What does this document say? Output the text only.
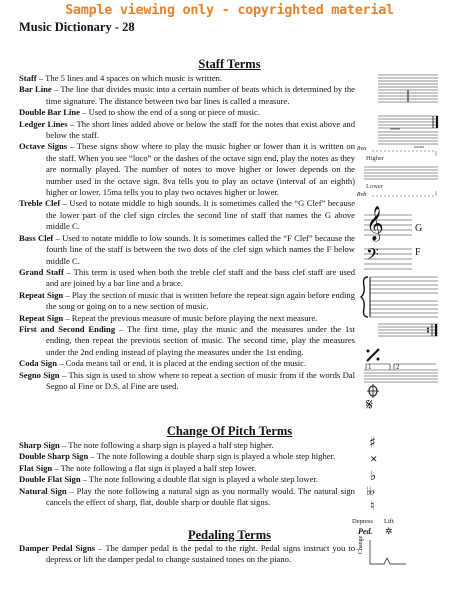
Sample viewing only - copyrighted material
Music Dictionary - 28
Staff Terms

Staff – The 5 lines and 4 spaces on which music is written.

Bar Line – The line that divides music into a certain number of beats which is determined by the time signature. The distance between two bar lines is called a measure.

Double Bar Line – Used to show the end of a song or piece of music.

Ledger Lines – The short lines added above or below the staff for the notes that exist above and below the staff.

Octave Signs – These signs show where to play the music higher or lower than it is written on the staff. When you see “loco” or the dashes of the octave sign end, play the notes as they are normally played. The number of notes to move higher or lower depends on the number used in the octave sign. 8va tells you to play an octave (interval of an eighth) higher or lower. 15ma tells you to play two octaves higher or lower.

Treble Clef – Used to notate middle to high sounds. It is sometimes called the “G Clef” because the lower part of the clef sign circles the second line of staff that names the G above middle C.

Bass Clef – Used to notate middle to low sounds. It is sometimes called the “F Clef” because the fourth line of the staff is between the two dots of the clef sign which names the F below middle C.

Grand Staff – This term is used when both the treble clef staff and the bass clef staff are used and are joined by a bar line and a brace.

Repeat Sign – Play the section of music that is written before the repeat sign again before ending the song or going on to a new section of music.

Repeat Sign – Repeat the previous measure of music before playing the next measure.

First and Second Ending – The first time, play the music and the measures under the 1st ending, then repeat the previous section of music. The second time, play the measures under the 2nd ending instead of playing the measures under the 1st ending.

Coda Sign – Coda means tail or end, it is placed at the ending section of the music.

Segno Sign – This sign is used to show where to repeat a section of music from if the words Dal Segno al Fine or D.S. al Fine are used.

Change Of Pitch Terms

Sharp Sign – The note following a sharp sign is played a half step higher.

Double Sharp Sign – The note following a double sharp sign is played a whole step higher.

Flat Sign – The note following a flat sign is played a half step lower.

Double Flat Sign – The note following a double flat sign is played a whole step lower.

Natural Sign – Play the note following a natural sign as you normally would. The natural sign cancels the effect of sharp, flat, double sharp or double flat signs.

Pedaling Terms

Damper Pedal Signs – The damper pedal is the pedal to the right. Pedal signs instruct you to depress or lift the damper pedal to change sustained tones on the piano.

8va
Higher
Lower
8vb
𝄞	G
𝄢	F
1	2
𝄋
♯
✕
♭
♭♭
♮
Depress Lift
Ped. ✲
Change
